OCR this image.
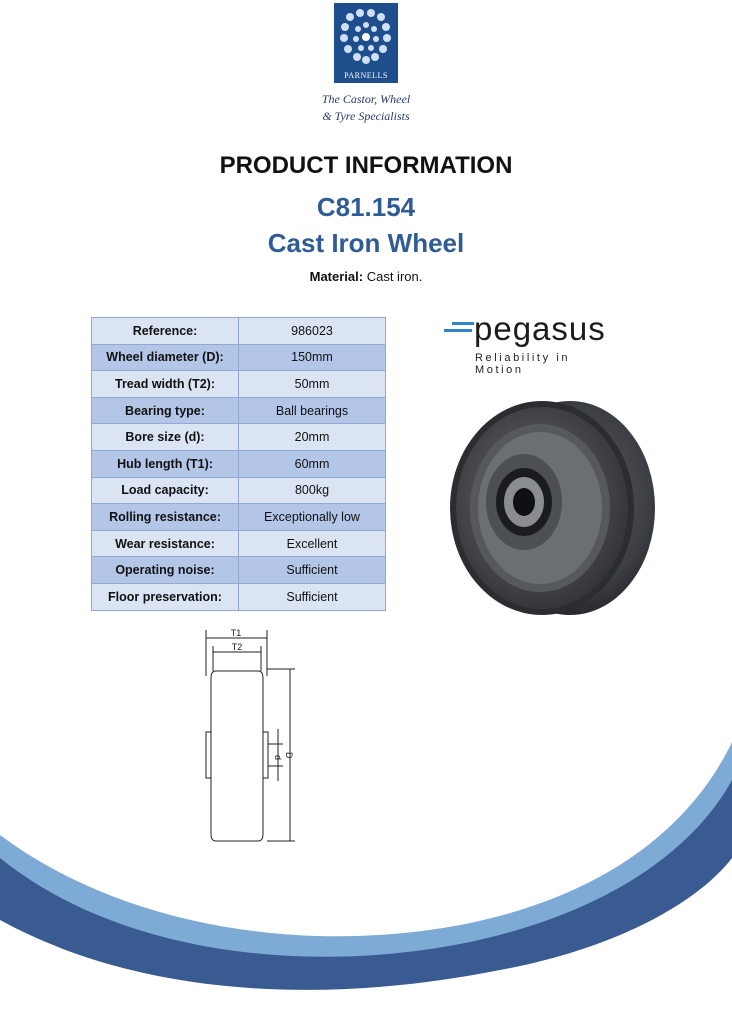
PARNELLS
The Castor, Wheel
& Tyre Specialists
PRODUCT INFORMATION
C81.154
Cast Iron Wheel
Material: Cast iron.
Reference:	986023
Wheel diameter (D):	150mm
Tread width (T2):	50mm
Bearing type:	Ball bearings
Bore size (d):	20mm
Hub length (T1):	60mm
Load capacity:	800kg
Rolling resistance:	Exceptionally low
Wear resistance:	Excellent
Operating noise:	Sufficient
Floor preservation:	Sufficient
pegasus
Reliability in Motion
T1
T2
d D
